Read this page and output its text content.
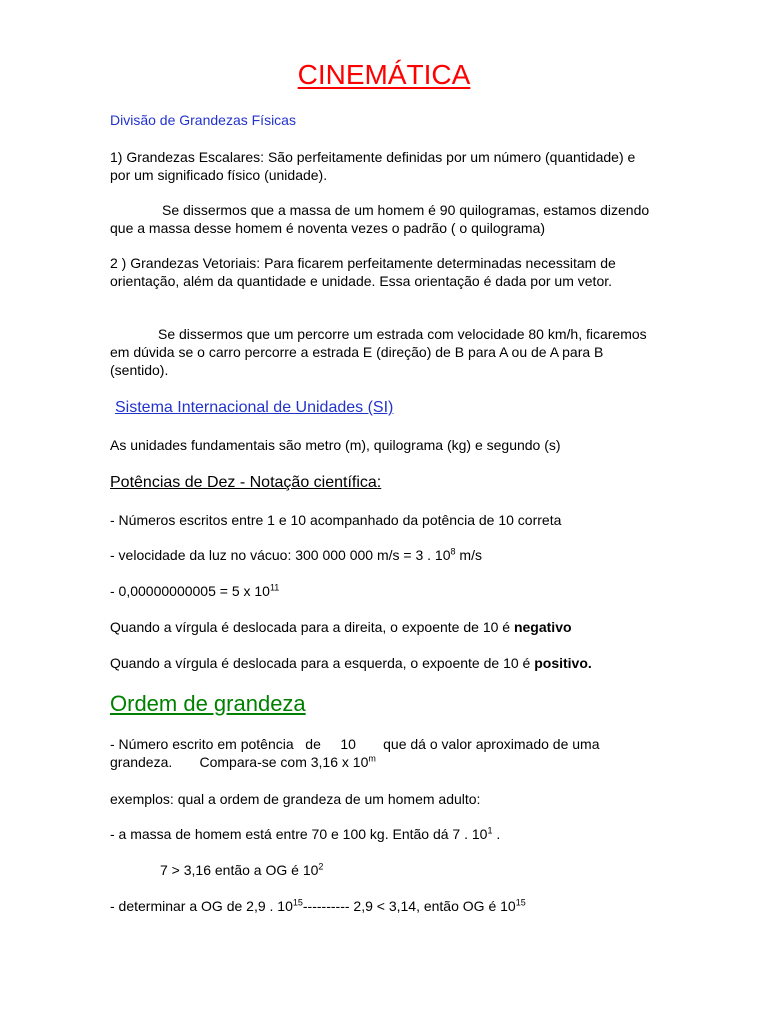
CINEMÁTICA

Divisão de Grandezas Físicas

1) Grandezas Escalares: São perfeitamente definidas por um número (quantidade) e por um significado físico (unidade).

Se dissermos que a massa de um homem é 90 quilogramas, estamos dizendo que a massa desse homem é noventa vezes o padrão ( o quilograma)

2 ) Grandezas Vetoriais: Para ficarem perfeitamente determinadas necessitam de orientação, além da quantidade e unidade. Essa orientação é dada por um vetor.

Se dissermos que um percorre um estrada com velocidade 80 km/h, ficaremos em dúvida se o carro percorre a estrada E (direção) de B para A ou de A para B (sentido).

Sistema Internacional de Unidades (SI)

As unidades fundamentais são metro (m), quilograma (kg) e segundo (s)

Potências de Dez - Notação científica:

- Números escritos entre 1 e 10 acompanhado da potência de 10 correta

- velocidade da luz no vácuo: 300 000 000 m/s = 3 . $10^8$ m/s

- 0,00000000005 = 5 x $10^{11}$

Quando a vírgula é deslocada para a direita, o expoente de 10 é negativo

Quando a vírgula é deslocada para a esquerda, o expoente de 10 é positivo.

Ordem de grandeza

- Número escrito em potência   de     10       que dá o valor aproximado de uma

grandeza.       Compara-se com 3,16 x 10$^m$

exemplos: qual a ordem de grandeza de um homem adulto:

- a massa de homem está entre 70 e 100 kg. Então dá 7 . $10^1$ .

7 > 3,16 então a OG é $10^2$

- determinar a OG de 2,9 . $10^{15}----------$ 2,9 < 3,14, então OG é $10^{15}$
